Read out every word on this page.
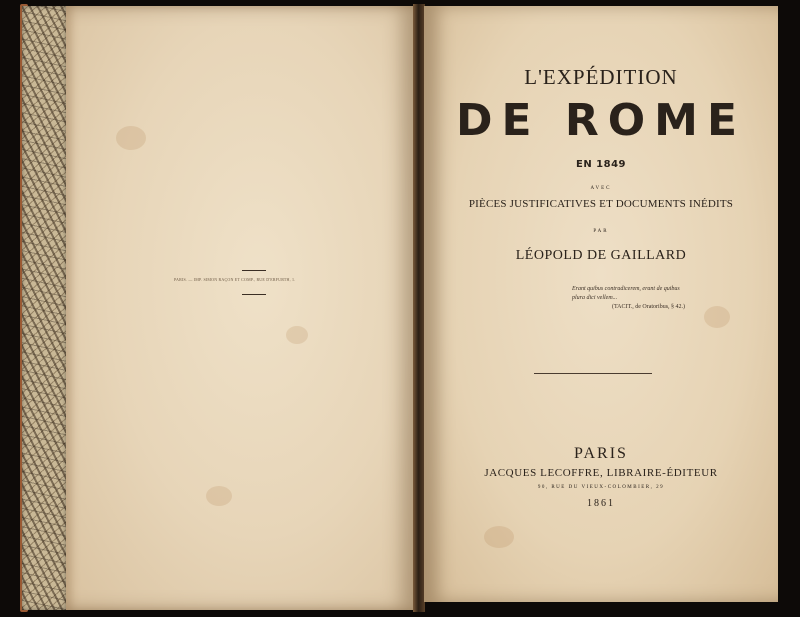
PARIS. — IMP. SIMON RAÇON ET COMP., RUE D'ERFURTH, 1.

L'EXPÉDITION

DE ROME

EN 1849

AVEC

PIÈCES JUSTIFICATIVES ET DOCUMENTS INÉDITS

PAR

LÉOPOLD DE GAILLARD

Erant quibus contradicerem, erant de quibus
plura dici vellem...
(TACIT., de Oratoribus, § 42.)

PARIS

JACQUES LECOFFRE, LIBRAIRE-ÉDITEUR

90, RUE DU VIEUX-COLOMBIER, 29

1861
